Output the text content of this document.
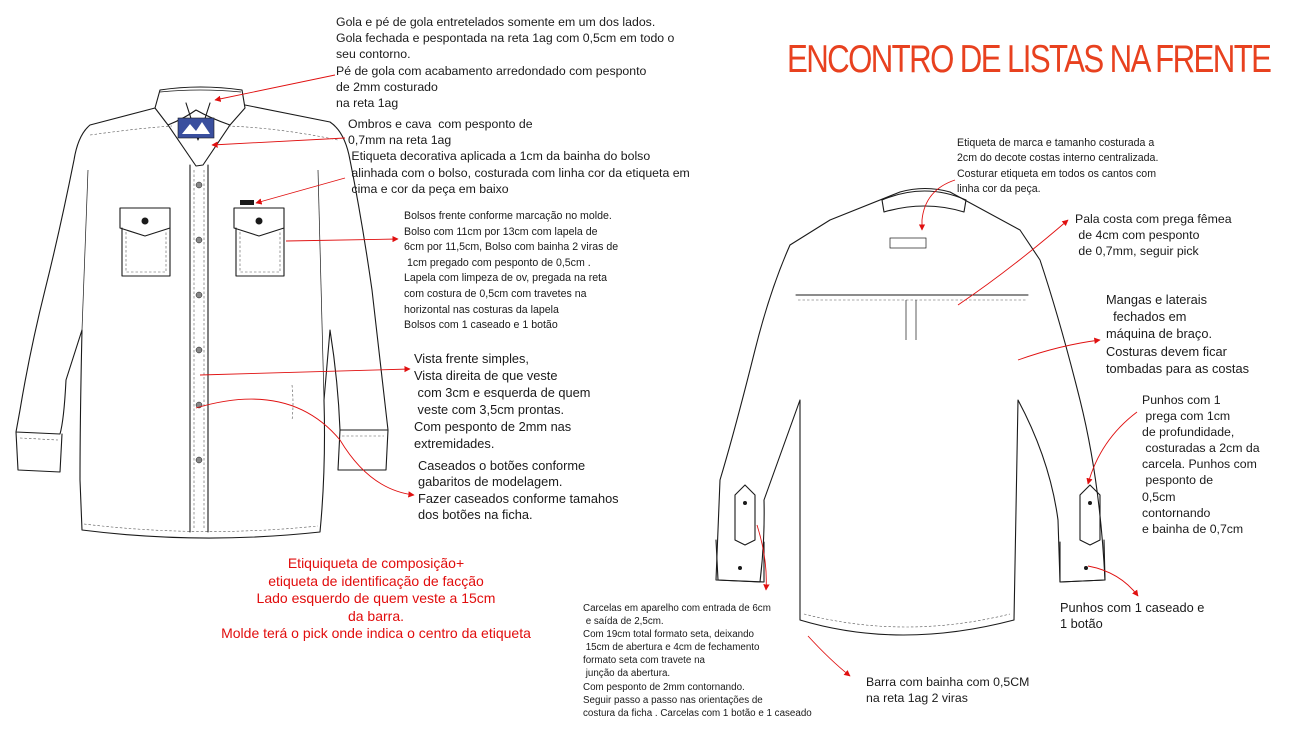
ENCONTRO DE LISTAS NA FRENTE
Gola e pé de gola entretelados somente em um dos lados.
Gola fechada e pespontada na reta 1ag com 0,5cm em todo o
seu contorno.
Pé de gola com acabamento arredondado com pesponto
de 2mm costurado
na reta 1ag
Ombros e cava  com pesponto de
0,7mm na reta 1ag
Etiqueta decorativa aplicada a 1cm da bainha do bolso
alinhada com o bolso, costurada com linha cor da etiqueta em
cima e cor da peça em baixo
Bolsos frente conforme marcação no molde.
Bolso com 11cm por 13cm com lapela de
6cm por 11,5cm, Bolso com bainha 2 viras de
1cm pregado com pesponto de 0,5cm .
Lapela com limpeza de ov, pregada na reta
com costura de 0,5cm com travetes na
horizontal nas costuras da lapela
Bolsos com 1 caseado e 1 botão
Vista frente simples,
Vista direita de que veste
com 3cm e esquerda de quem
veste com 3,5cm prontas.
Com pesponto de 2mm nas
extremidades.
Caseados o botões conforme
gabaritos de modelagem.
Fazer caseados conforme tamahos
dos botões na ficha.
Etiquiqueta de composição+
etiqueta de identificação de facção
Lado esquerdo de quem veste a 15cm
da barra.
Molde terá o pick onde indica o centro da etiqueta
Etiqueta de marca e tamanho costurada a
2cm do decote costas interno centralizada.
Costurar etiqueta em todos os cantos com
linha cor da peça.
Pala costa com prega fêmea
de 4cm com pesponto
de 0,7mm, seguir pick
Mangas e laterais
fechados em
máquina de braço.
Costuras devem ficar
tombadas para as costas
Punhos com 1
prega com 1cm
de profundidade,
costuradas a 2cm da
carcela. Punhos com
pesponto de
0,5cm
contornando
e bainha de 0,7cm
Punhos com 1 caseado e
1 botão
Barra com bainha com 0,5CM
na reta 1ag 2 viras
Carcelas em aparelho com entrada de 6cm
e saída de 2,5cm.
Com 19cm total formato seta, deixando
15cm de abertura e 4cm de fechamento
formato seta com travete na
junção da abertura.
Com pesponto de 2mm contornando.
Seguir passo a passo nas orientações de
costura da ficha . Carcelas com 1 botão e 1 caseado
